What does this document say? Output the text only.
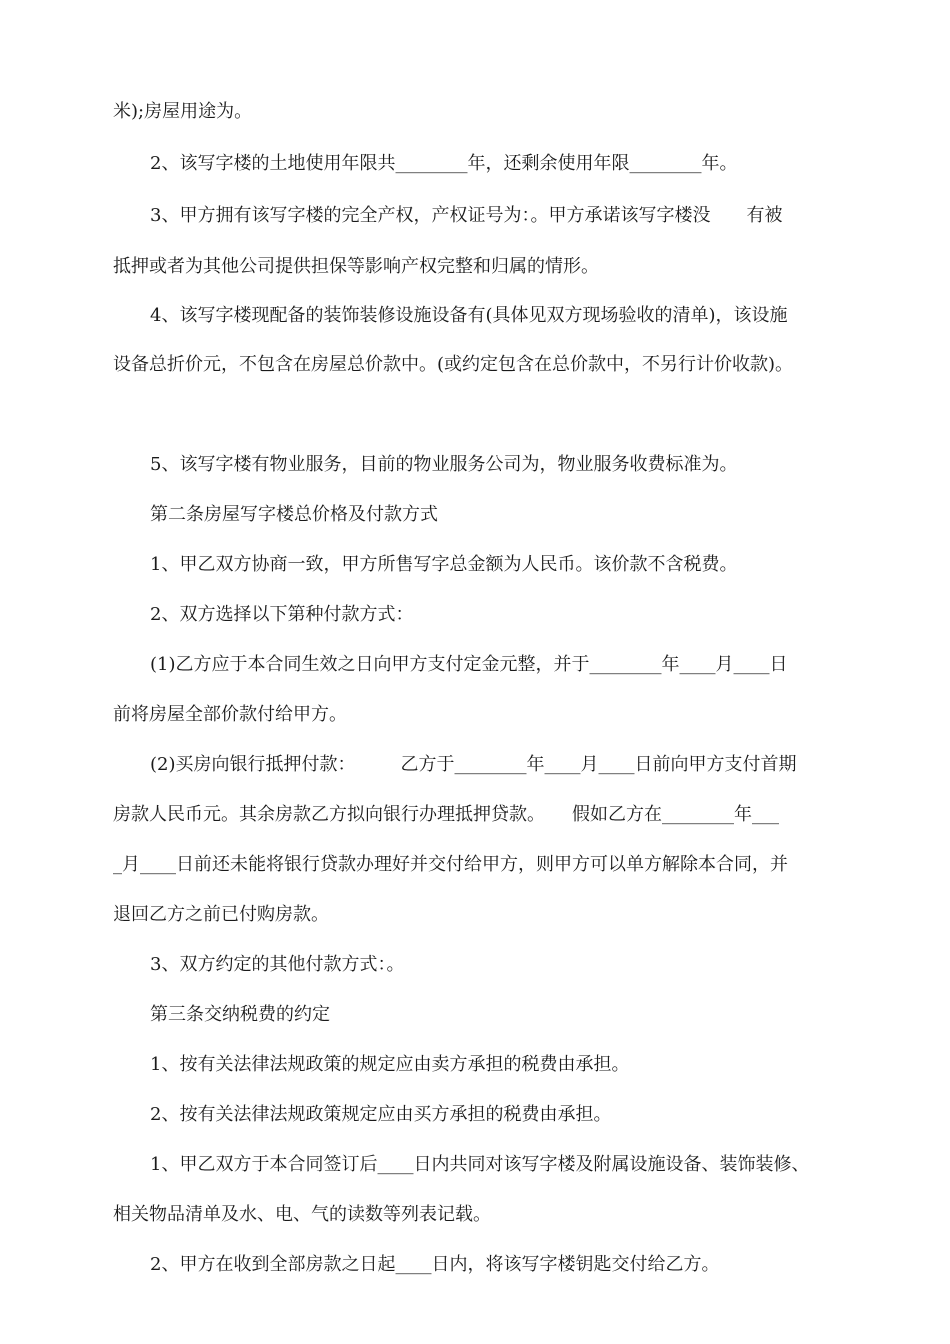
米);房屋用途为。

2、该写字楼的土地使用年限共________年，还剩余使用年限________年。

3、甲方拥有该写字楼的完全产权，产权证号为：。甲方承诺该写字楼没　　有被

抵押或者为其他公司提供担保等影响产权完整和归属的情形。

4、该写字楼现配备的装饰装修设施设备有(具体见双方现场验收的清单)，该设施

设备总折价元，不包含在房屋总价款中。(或约定包含在总价款中，不另行计价收款)。

5、该写字楼有物业服务，目前的物业服务公司为，物业服务收费标准为。

第二条房屋写字楼总价格及付款方式

1、甲乙双方协商一致，甲方所售写字总金额为人民币。该价款不含税费。

2、双方选择以下第种付款方式：

(1)乙方应于本合同生效之日向甲方支付定金元整，并于________年____月____日

前将房屋全部价款付给甲方。

(2)买房向银行抵押付款：　　　乙方于________年____月____日前向甲方支付首期

房款人民币元。其余房款乙方拟向银行办理抵押贷款。　　假如乙方在________年___

_月____日前还未能将银行贷款办理好并交付给甲方，则甲方可以单方解除本合同，并

退回乙方之前已付购房款。

3、双方约定的其他付款方式：。

第三条交纳税费的约定

1、按有关法律法规政策的规定应由卖方承担的税费由承担。

2、按有关法律法规政策规定应由买方承担的税费由承担。

1、甲乙双方于本合同签订后____日内共同对该写字楼及附属设施设备、装饰装修、

相关物品清单及水、电、气的读数等列表记载。

2、甲方在收到全部房款之日起____日内，将该写字楼钥匙交付给乙方。
